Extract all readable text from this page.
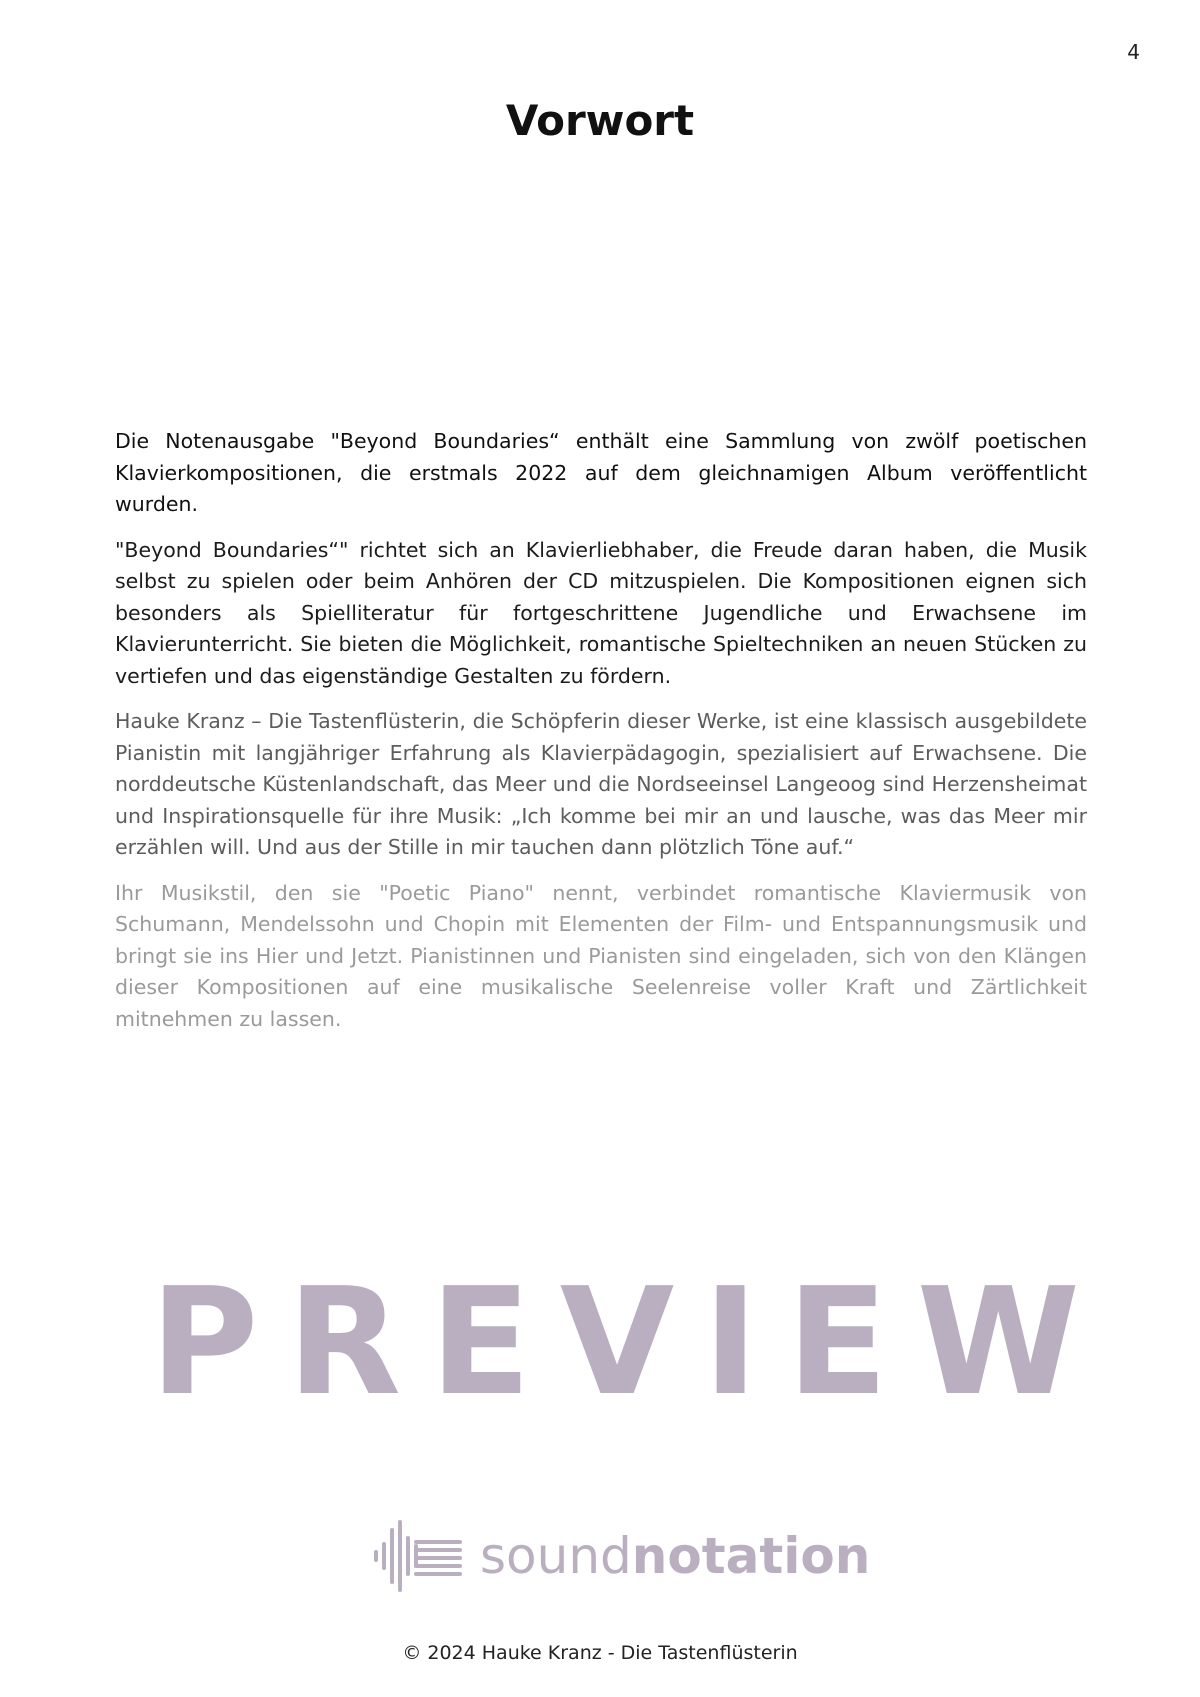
4
Vorwort

Die Notenausgabe "Beyond Boundaries“ enthält eine Sammlung von zwölf poetischen Klavierkompositionen, die erstmals 2022 auf dem gleichnamigen Album veröffentlicht wurden.

"Beyond Boundaries“" richtet sich an Klavierliebhaber, die Freude daran haben, die Musik selbst zu spielen oder beim Anhören der CD mitzuspielen. Die Kompositionen eignen sich besonders als Spielliteratur für fortgeschrittene Jugendliche und Erwachsene im Klavierunterricht. Sie bieten die Möglichkeit, romantische Spieltechniken an neuen Stücken zu vertiefen und das eigenständige Gestalten zu fördern.

Hauke Kranz – Die Tastenflüsterin, die Schöpferin dieser Werke, ist eine klassisch ausgebildete Pianistin mit langjähriger Erfahrung als Klavierpädagogin, spezialisiert auf Erwachsene. Die norddeutsche Küstenlandschaft, das Meer und die Nordseeinsel Langeoog sind Herzensheimat und Inspirationsquelle für ihre Musik: „Ich komme bei mir an und lausche, was das Meer mir erzählen will. Und aus der Stille in mir tauchen dann plötzlich Töne auf.“

Ihr Musikstil, den sie "Poetic Piano" nennt, verbindet romantische Klaviermusik von Schumann, Mendelssohn und Chopin mit Elementen der Film- und Entspannungsmusik und bringt sie ins Hier und Jetzt. Pianistinnen und Pianisten sind eingeladen, sich von den Klängen dieser Kompositionen auf eine musikalische Seelenreise voller Kraft und Zärtlichkeit mitnehmen zu lassen.

P R E V I E W
soundnotation
© 2024 Hauke Kranz - Die Tastenflüsterin
